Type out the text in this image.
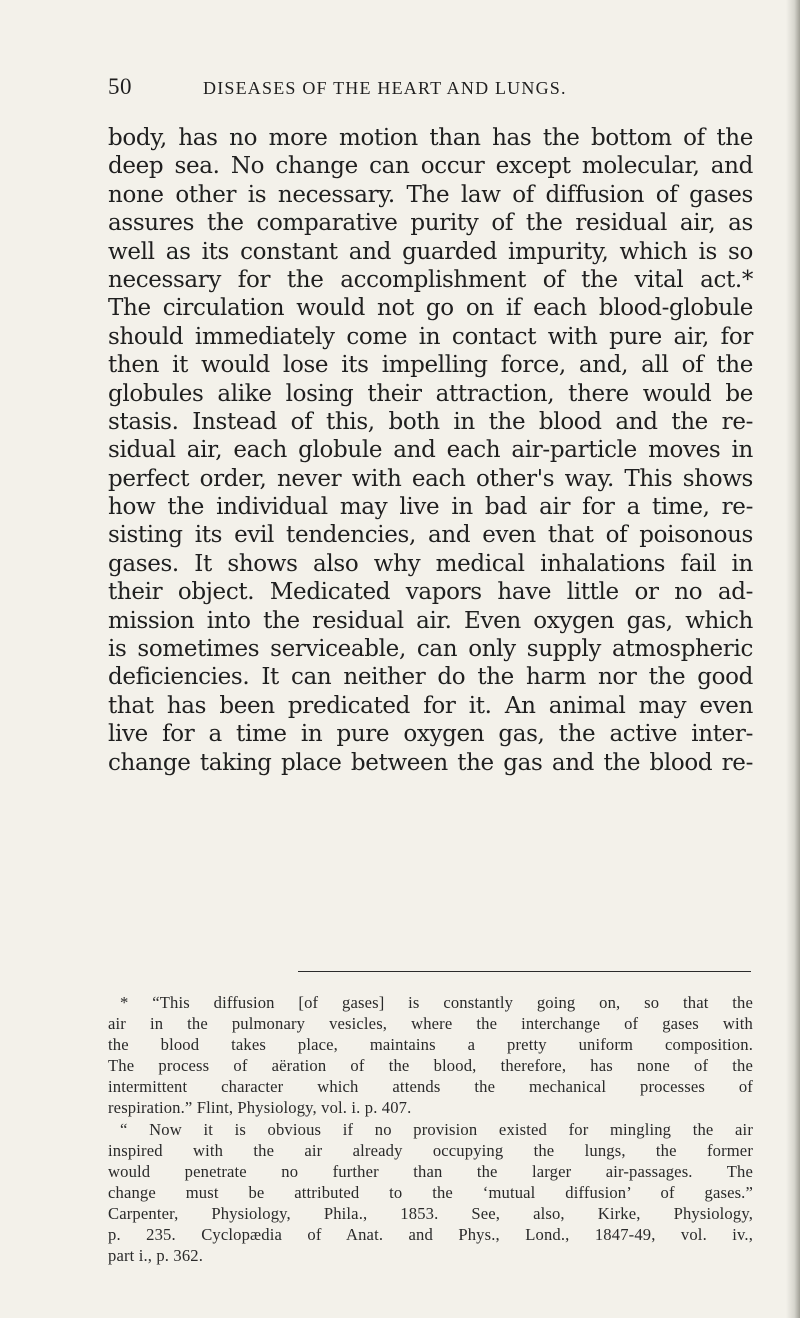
50	DISEASES OF THE HEART AND LUNGS.
body, has no more motion than has the bottom of the
deep sea. No change can occur except molecular, and
none other is necessary. The law of diffusion of gases
assures the comparative purity of the residual air, as
well as its constant and guarded impurity, which is so
necessary for the accomplishment of the vital act.*
The circulation would not go on if each blood-globule
should immediately come in contact with pure air, for
then it would lose its impelling force, and, all of the
globules alike losing their attraction, there would be
stasis. Instead of this, both in the blood and the re-
sidual air, each globule and each air-particle moves in
perfect order, never with each other's way. This shows
how the individual may live in bad air for a time, re-
sisting its evil tendencies, and even that of poisonous
gases. It shows also why medical inhalations fail in
their object. Medicated vapors have little or no ad-
mission into the residual air. Even oxygen gas, which
is sometimes serviceable, can only supply atmospheric
deficiencies. It can neither do the harm nor the good
that has been predicated for it. An animal may even
live for a time in pure oxygen gas, the active inter-
change taking place between the gas and the blood re-
* “This diffusion [of gases] is constantly going on, so that the
air in the pulmonary vesicles, where the interchange of gases with
the blood takes place, maintains a pretty uniform composition.
The process of aëration of the blood, therefore, has none of the
intermittent character which attends the mechanical processes of
respiration.” Flint, Physiology, vol. i. p. 407.
“ Now it is obvious if no provision existed for mingling the air
inspired with the air already occupying the lungs, the former
would penetrate no further than the larger air-passages. The
change must be attributed to the ‘mutual diffusion’ of gases.”
Carpenter, Physiology, Phila., 1853. See, also, Kirke, Physiology,
p. 235. Cyclopædia of Anat. and Phys., Lond., 1847-49, vol. iv.,
part i., p. 362.
